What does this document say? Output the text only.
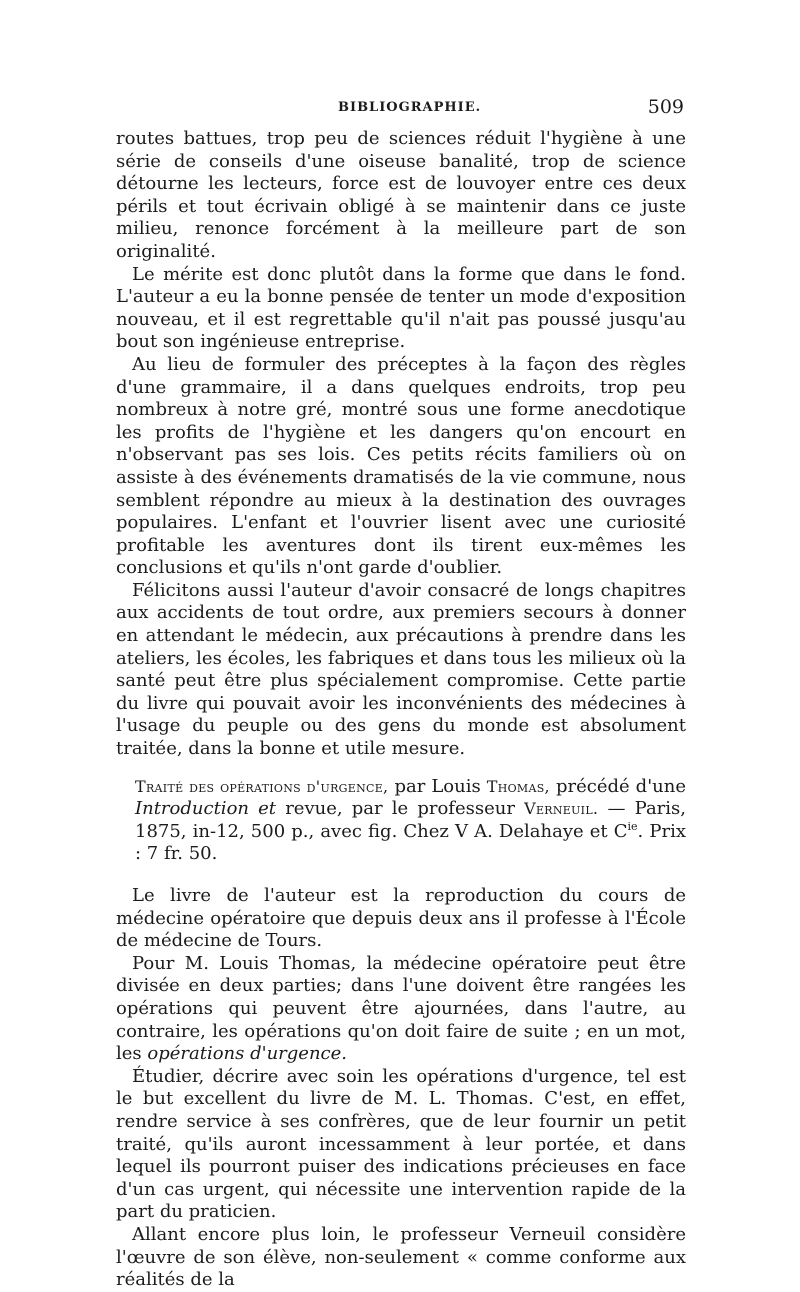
BIBLIOGRAPHIE.	509

routes battues, trop peu de sciences réduit l'hygiène à une série de conseils d'une oiseuse banalité, trop de science détourne les lecteurs, force est de louvoyer entre ces deux périls et tout écrivain obligé à se maintenir dans ce juste milieu, renonce forcément à la meilleure part de son originalité.

Le mérite est donc plutôt dans la forme que dans le fond. L'auteur a eu la bonne pensée de tenter un mode d'exposition nouveau, et il est regrettable qu'il n'ait pas poussé jusqu'au bout son ingénieuse entreprise.

Au lieu de formuler des préceptes à la façon des règles d'une grammaire, il a dans quelques endroits, trop peu nombreux à notre gré, montré sous une forme anecdotique les profits de l'hygiène et les dangers qu'on encourt en n'observant pas ses lois. Ces petits récits familiers où on assiste à des événements dramatisés de la vie commune, nous semblent répondre au mieux à la destination des ouvrages populaires. L'enfant et l'ouvrier lisent avec une curiosité profitable les aventures dont ils tirent eux-mêmes les conclusions et qu'ils n'ont garde d'oublier.

Félicitons aussi l'auteur d'avoir consacré de longs chapitres aux accidents de tout ordre, aux premiers secours à donner en attendant le médecin, aux précautions à prendre dans les ateliers, les écoles, les fabriques et dans tous les milieux où la santé peut être plus spécialement compromise. Cette partie du livre qui pouvait avoir les inconvénients des médecines à l'usage du peuple ou des gens du monde est absolument traitée, dans la bonne et utile mesure.

Traité des opérations d'urgence, par Louis Thomas, précédé d'une Introduction et revue, par le professeur Verneuil. — Paris, 1875, in-12, 500 p., avec fig. Chez V A. Delahaye et $C^{ie}$. Prix : 7 fr. 50.

Le livre de l'auteur est la reproduction du cours de médecine opératoire que depuis deux ans il professe à l'École de médecine de Tours.

Pour M. Louis Thomas, la médecine opératoire peut être divisée en deux parties; dans l'une doivent être rangées les opérations qui peuvent être ajournées, dans l'autre, au contraire, les opérations qu'on doit faire de suite ; en un mot, les opérations d'urgence.

Étudier, décrire avec soin les opérations d'urgence, tel est le but excellent du livre de M. L. Thomas. C'est, en effet, rendre service à ses confrères, que de leur fournir un petit traité, qu'ils auront incessamment à leur portée, et dans lequel ils pourront puiser des indications précieuses en face d'un cas urgent, qui nécessite une intervention rapide de la part du praticien.

Allant encore plus loin, le professeur Verneuil considère l'œuvre de son élève, non-seulement « comme conforme aux réalités de la
